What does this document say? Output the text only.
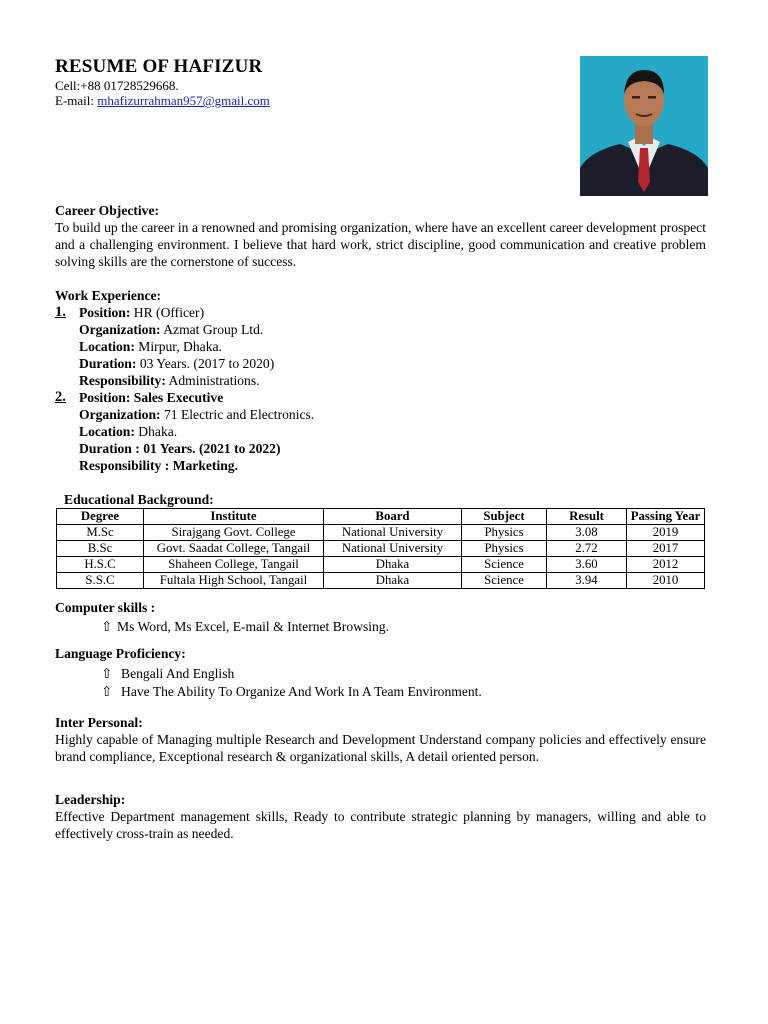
RESUME OF HAFIZUR
Cell:+88 01728529668.
E-mail: mhafizurrahman957@gmail.com
Career Objective:
To build up the career in a renowned and promising organization, where have an excellent career development prospect and a challenging environment. I believe that hard work, strict discipline, good communication and creative problem solving skills are the cornerstone of success.
Work Experience:
1. Position: HR (Officer)
Organization: Azmat Group Ltd.
Location: Mirpur, Dhaka.
Duration: 03 Years. (2017 to 2020)
Responsibility: Administrations.
2. Position: Sales Executive
Organization: 71 Electric and Electronics.
Location: Dhaka.
Duration : 01 Years. (2021 to 2022)
Responsibility : Marketing.
Educational Background:
Degree	Institute	Board	Subject	Result	Passing Year
M.Sc	Sirajgang Govt. College	National University	Physics	3.08	2019
B.Sc	Govt. Saadat College, Tangail	National University	Physics	2.72	2017
H.S.C	Shaheen College, Tangail	Dhaka	Science	3.60	2012
S.S.C	Fultala High School, Tangail	Dhaka	Science	3.94	2010
Computer skills :
⇧ Ms Word, Ms Excel, E-mail & Internet Browsing.
Language Proficiency:
⇧ Bengali And English
⇧ Have The Ability To Organize And Work In A Team Environment.
Inter Personal:
Highly capable of Managing multiple Research and Development Understand company policies and effectively ensure brand compliance, Exceptional research & organizational skills, A detail oriented person.
Leadership:
Effective Department management skills, Ready to contribute strategic planning by managers, willing and able to effectively cross-train as needed.
